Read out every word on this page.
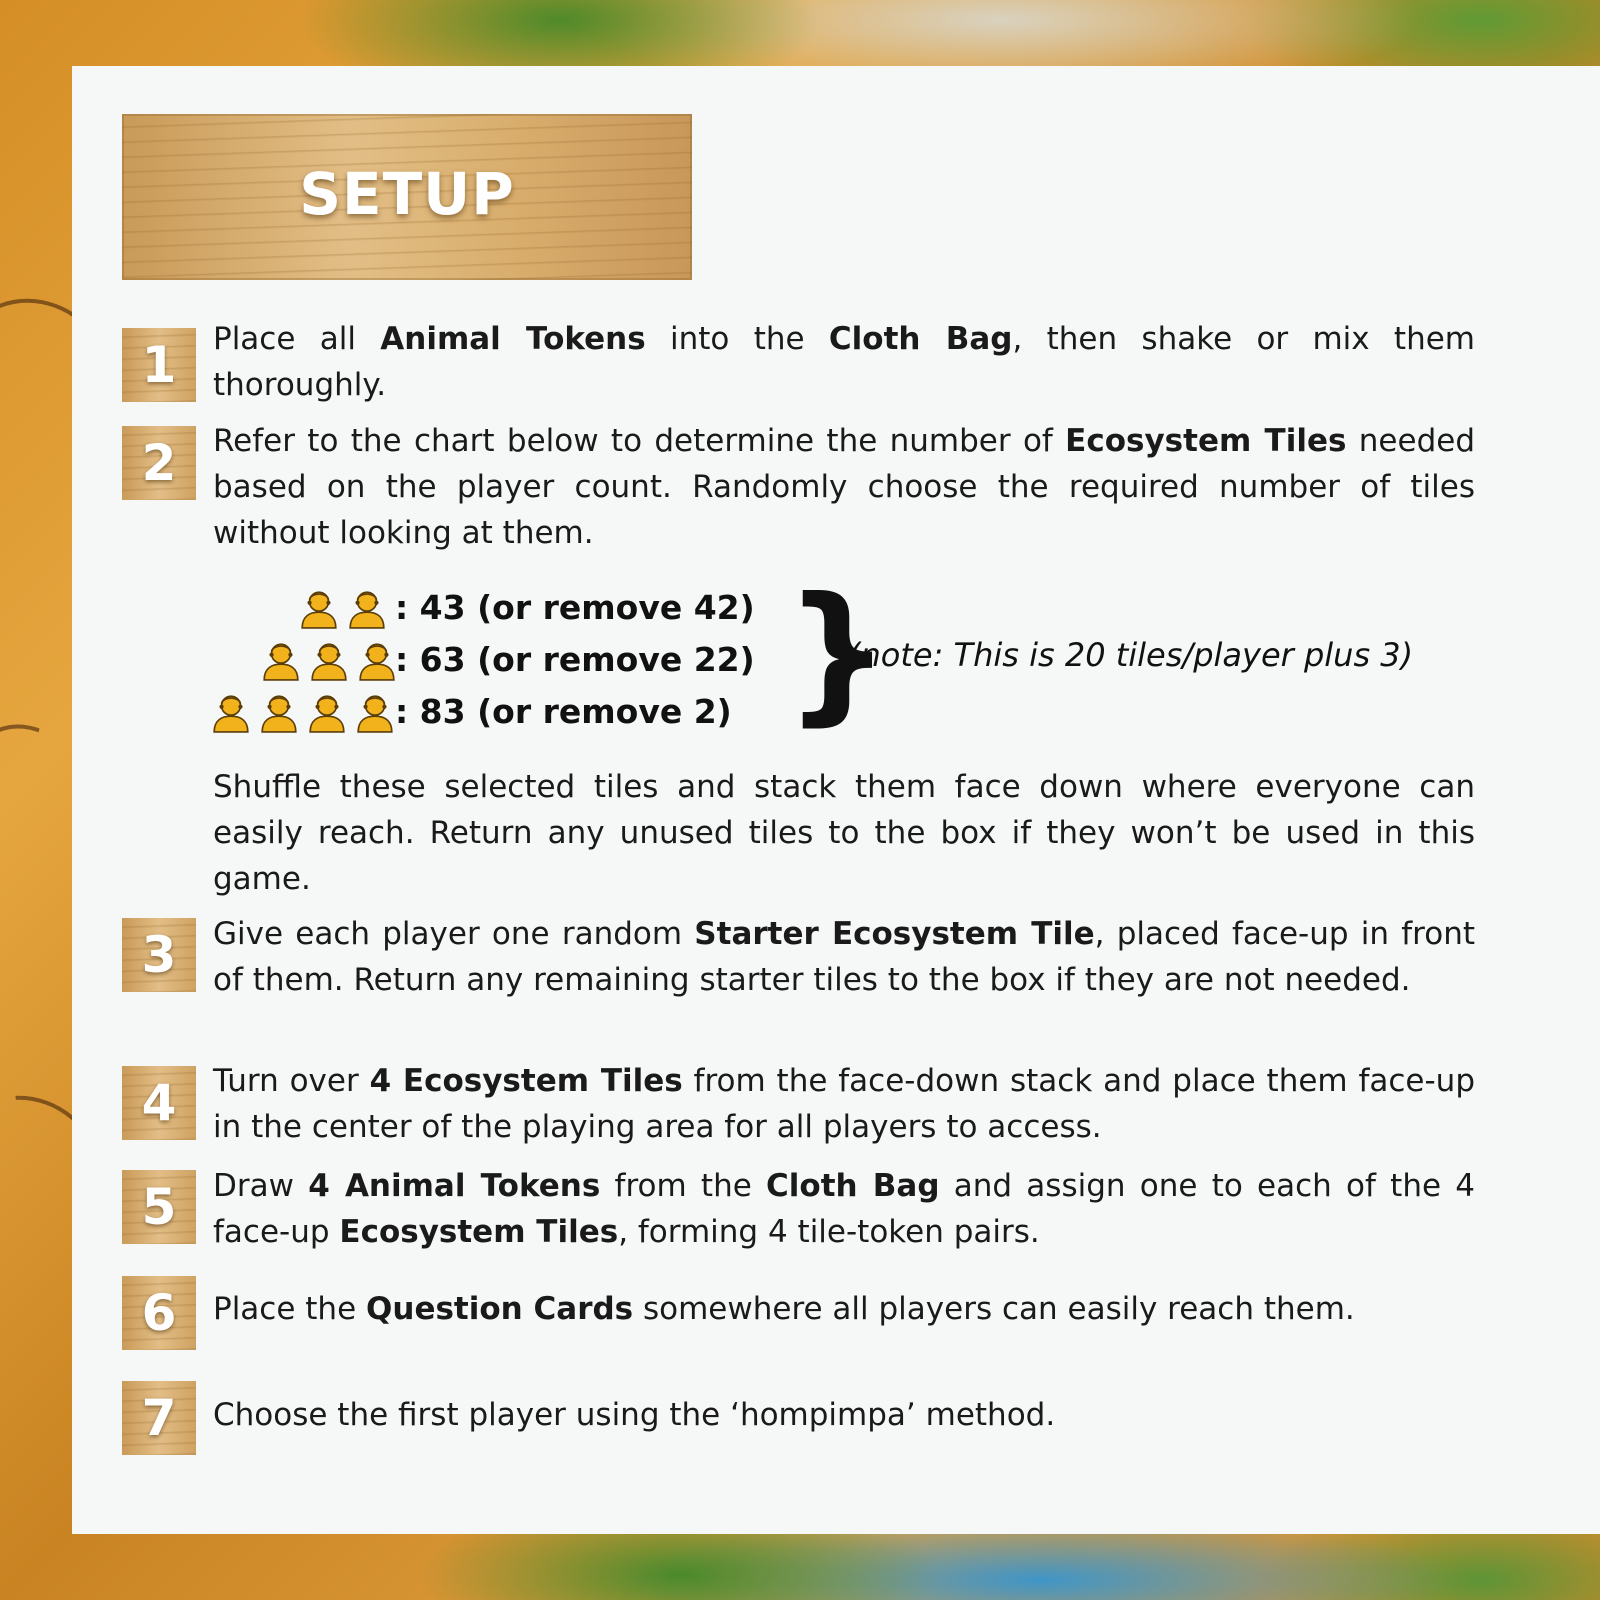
SETUP
1
2
3
4
5
6
7
Place all Animal Tokens into the Cloth Bag, then shake or mix them thoroughly.
Refer to the chart below to determine the number of Ecosystem Tiles needed based on the player count. Randomly choose the required number of tiles without looking at them.
: 43 (or remove 42)
: 63 (or remove 22)
: 83 (or remove 2) }
(note: This is 20 tiles/player plus 3)
Shuffle these selected tiles and stack them face down where everyone can easily reach. Return any unused tiles to the box if they won’t be used in this game.
Give each player one random Starter Ecosystem Tile, placed face-up in front of them. Return any remaining starter tiles to the box if they are not needed.
Turn over 4 Ecosystem Tiles from the face-down stack and place them face-up in the center of the playing area for all players to access.
Draw 4 Animal Tokens from the Cloth Bag and assign one to each of the 4 face-up Ecosystem Tiles, forming 4 tile-token pairs.
Place the Question Cards somewhere all players can easily reach them.
Choose the first player using the ‘hompimpa’ method.
